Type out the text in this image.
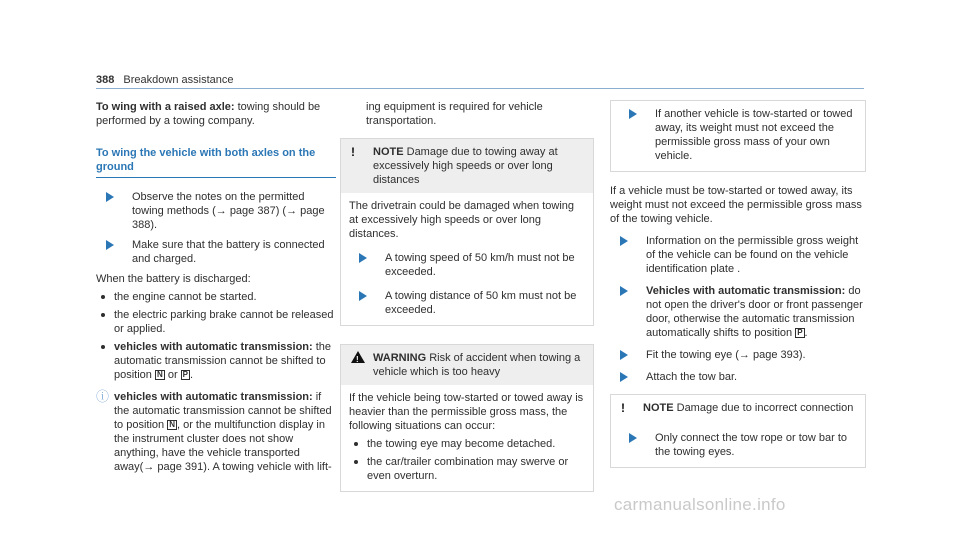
388 Breakdown assistance

To wing with a raised axle: towing should be performed by a towing company.

To wing the vehicle with both axles on the ground
Observe the notes on the permitted towing methods (→ page 387) (→ page 388).
Make sure that the battery is connected and charged.

When the battery is discharged:

the engine cannot be started.
the electric parking brake cannot be released or applied.
vehicles with automatic transmission: the automatic transmission cannot be shifted to position N or P .
ⓘ vehicles with automatic transmission: if the automatic transmission cannot be shifted to position N , or the multifunction display in the instrument cluster does not show anything, have the vehicle transported away(→ page 391). A towing vehicle with lift-

ing equipment is required for vehicle transportation.

! NOTE Damage due to towing away at excessively high speeds or over long distances

The drivetrain could be damaged when towing at excessively high speeds or over long distances.

A towing speed of 50 km/h must not be exceeded.
A towing distance of 50 km must not be exceeded.
!
WARNING Risk of accident when towing a vehicle which is too heavy

If the vehicle being tow-started or towed away is heavier than the permissible gross mass, the following situations can occur:

the towing eye may become detached.
the car/trailer combination may swerve or even overturn.
If another vehicle is tow-started or towed away, its weight must not exceed the permissible gross mass of your own vehicle.

If a vehicle must be tow-started or towed away, its weight must not exceed the permissible gross mass of the towing vehicle.

Information on the permissible gross weight of the vehicle can be found on the vehicle identification plate .
Vehicles with automatic transmission: do not open the driver's door or front passenger door, otherwise the automatic transmission automatically shifts to position P .
Fit the towing eye (→ page 393).
Attach the tow bar.
! NOTE Damage due to incorrect connection
Only connect the tow rope or tow bar to the towing eyes.
carmanualsonline.info
